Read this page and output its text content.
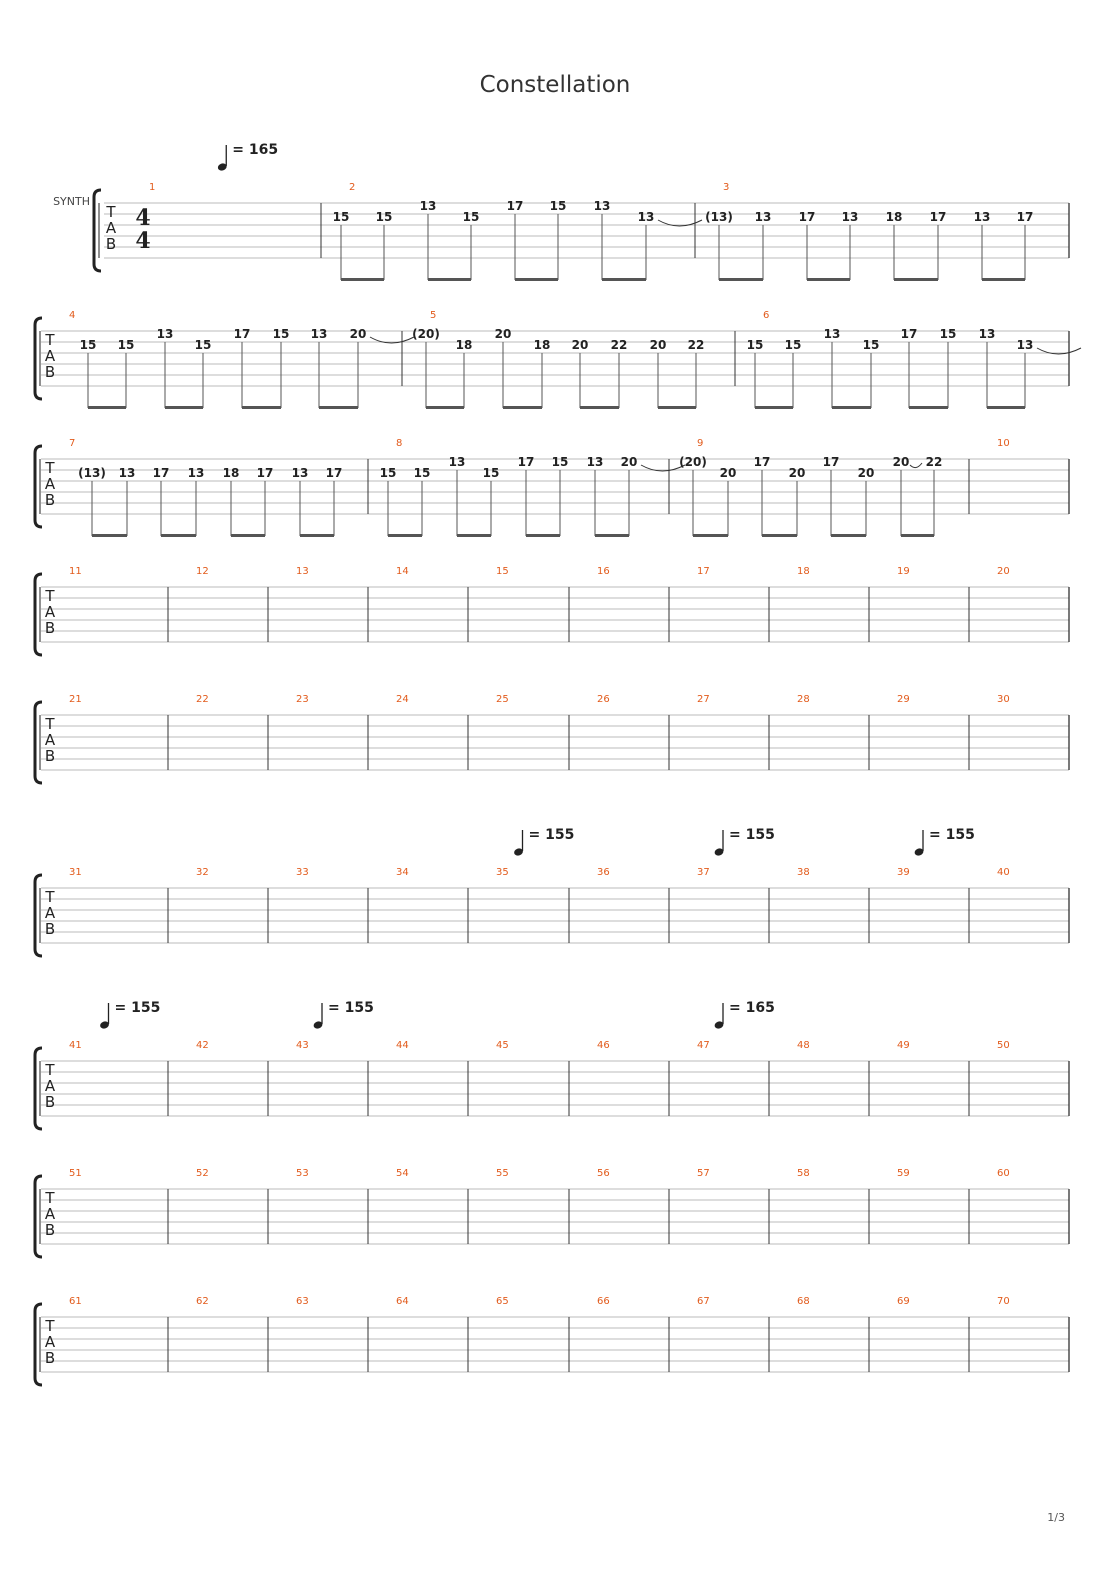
Constellation
T
A
B
SYNTH
4
4
1	2	3
T
A
B
4	5	6
T
A
B
7	8	9	10
T
A
B
11	12	13	14	15	16	17	18	19	20
T
A
B
21	22	23	24	25	26	27	28	29	30
T
A
B
31	32	33	34	35	36	37	38	39	40
T
A
B
41	42	43	44	45	46	47	48	49	50
T
A
B
51	52	53	54	55	56	57	58	59	60
T
A
B
61	62	63	64	65	66	67	68	69	70
15 15
13
15
17 15 13
13	(13) 13 17 13 18 17 13 17
15 15
13
15
17 15 13 20	(20)
18
20
18 20 22 20 22	15 15
13
15
17 15 13
13
(13) 13 17 13 18 17 13 17	15 15
13
15
17 15 13 20	(20)
20
17
20
17
20
20 22
= 165
= 155	= 155	= 155
= 155	= 155	= 165
1/3
